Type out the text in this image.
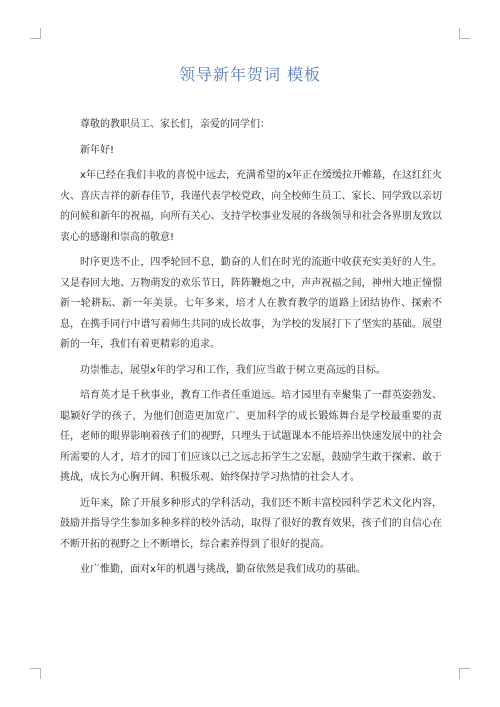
领导新年贺词 模板

尊敬的教职员工、家长们，亲爱的同学们：

新年好!

x年已经在我们丰收的喜悦中远去，充满希望的x年正在缓缓拉开帷幕，在这红红火火、喜庆吉祥的新春佳节，我谨代表学校党政，向全校师生员工、家长、同学致以亲切的问候和新年的祝福，向所有关心、支持学校事业发展的各级领导和社会各界朋友致以衷心的感谢和崇高的敬意!

时序更迭不止，四季轮回不息，勤奋的人们在时光的流逝中收获充实美好的人生。又是春回大地、万物萌发的欢乐节日，阵阵鞭炮之中，声声祝福之间，神州大地正憧憬新一轮耕耘、新一年美景。七年多来，培才人在教育教学的道路上团结协作、探索不息，在携手同行中谱写着师生共同的成长故事，为学校的发展打下了坚实的基础。展望新的一年，我们有着更精彩的追求。

功崇惟志，展望x年的学习和工作，我们应当敢于树立更高远的目标。

培育英才是千秋事业，教育工作者任重道远。培才园里有幸聚集了一群英姿勃发、聪颖好学的孩子，为他们创造更加宽广、更加科学的成长锻炼舞台是学校最重要的责任，老师的眼界影响着孩子们的视野，只埋头于试题课本不能培养出快速发展中的社会所需要的人才，培才的园丁们应该以己之远志拓学生之宏愿，鼓励学生敢于探索、敢于挑战，成长为心胸开阔、积极乐观、始终保持学习热情的社会人才。

近年来，除了开展多种形式的学科活动，我们还不断丰富校园科学艺术文化内容，鼓励并指导学生参加多种多样的校外活动，取得了很好的教育效果，孩子们的自信心在不断开拓的视野之上不断增长，综合素养得到了很好的提高。

业广惟勤，面对x年的机遇与挑战，勤奋依然是我们成功的基础。
